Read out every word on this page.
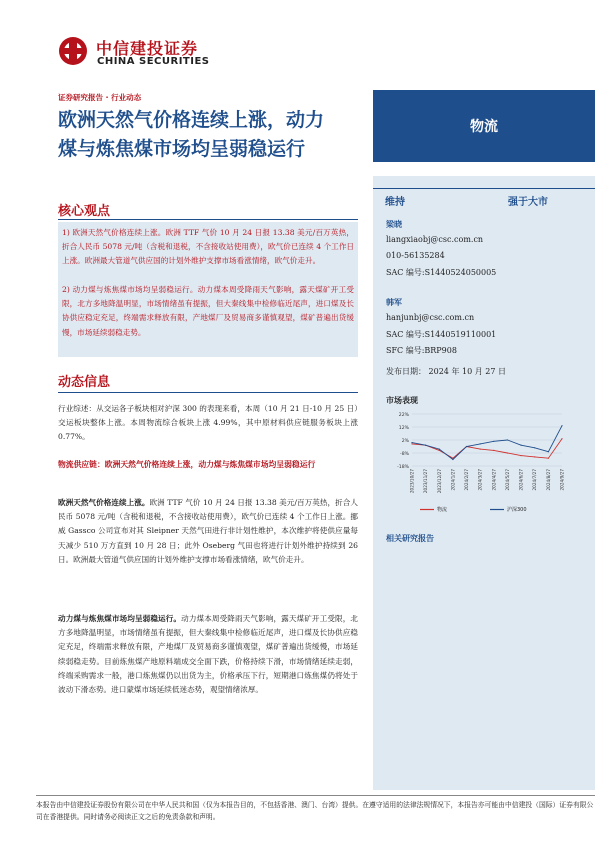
中信建投证券
CHINA SECURITIES
证券研究报告 · 行业动态
欧洲天然气价格连续上涨，动力
煤与炼焦煤市场均呈弱稳运行
物流
维持	强于大市
梁晓
liangxiaobj@csc.com.cn
010-56135284
SAC 编号:S1440524050005
韩军
hanjunbj@csc.com.cn
SAC 编号:S1440519110001
SFC 编号:BRP908
发布日期： 2024 年 10 月 27 日
市场表现
22%
12%
2%
-8%
-18%
2023/10/27 2023/11/27 2023/12/27 2024/1/27 2024/2/27 2024/3/27 2024/4/27 2024/5/27 2024/6/27 2024/7/27 2024/8/27 2024/9/27
物流	沪深300
相关研究报告
核心观点
1) 欧洲天然气价格连续上涨。欧洲 TTF 气价 10 月 24 日报 13.38 美元/百万英热，折合人民币 5078 元/吨（含税和退税，不含接收站使用费），欧气价已连续 4 个工作日上涨。欧洲最大管道气供应国的计划外维护支撑市场看涨情绪，欧气价走升。
2) 动力煤与炼焦煤市场均呈弱稳运行。动力煤本周受降雨天气影响，露天煤矿开工受限，北方多地降温明显，市场情绪虽有提振，但大秦线集中检修临近尾声，进口煤及长协供应稳定充足，终端需求释放有限，产地煤厂及贸易商多谨慎观望，煤矿普遍出货缓慢，市场延续弱稳走势。
动态信息
行业综述：从交运各子板块相对沪深 300 的表现来看，本周（10 月 21 日-10 月 25 日）交运板块整体上涨。本周物流综合板块上涨 4.99%，其中原材料供应链服务板块上涨 0.77%。
物流供应链：欧洲天然气价格连续上涨，动力煤与炼焦煤市场均呈弱稳运行
欧洲天然气价格连续上涨。欧洲 TTF 气价 10 月 24 日报 13.38 美元/百万英热，折合人民币 5078 元/吨（含税和退税，不含接收站使用费），欧气价已连续 4 个工作日上涨。挪威 Gassco 公司宣布对其 Sleipner 天然气田进行非计划性维护，本次维护将使供应量每天减少 510 万方直到 10 月 28 日；此外 Oseberg 气田也将进行计划外维护持续到 26 日。欧洲最大管道气供应国的计划外维护支撑市场看涨情绪，欧气价走升。
动力煤与炼焦煤市场均呈弱稳运行。动力煤本周受降雨天气影响，露天煤矿开工受限，北方多地降温明显，市场情绪虽有提振，但大秦线集中检修临近尾声，进口煤及长协供应稳定充足，终端需求释放有限，产地煤厂及贸易商多谨慎观望，煤矿普遍出货缓慢，市场延续弱稳走势。目前炼焦煤产地原料端成交全面下跌，价格持续下滑，市场情绪延续走弱，终端采购需求一般，港口炼焦煤仍以出货为主，价格承压下行，短期港口炼焦煤仍将处于波动下滑态势。进口蒙煤市场延续低迷态势，观望情绪浓厚。
本报告由中信建投证券股份有限公司在中华人民共和国（仅为本报告目的，不包括香港、澳门、台湾）提供。在遵守适用的法律法规情况下，本报告亦可能由中信建投（国际）证券有限公司在香港提供。同时请务必阅读正文之后的免责条款和声明。
